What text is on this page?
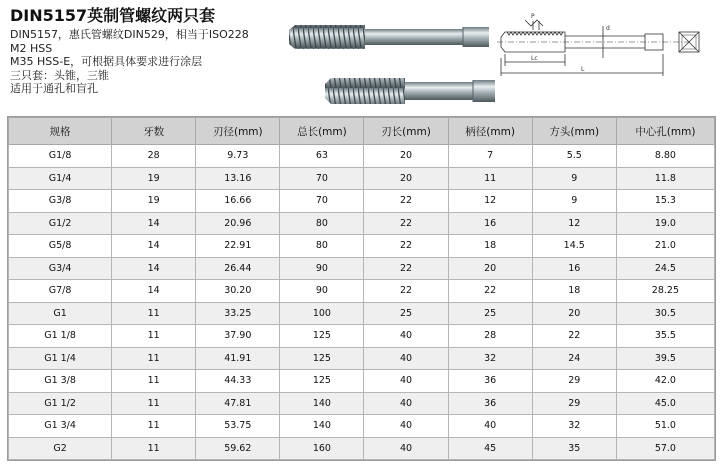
DIN5157英制管螺纹两只套
DIN5157，惠氏管螺纹DIN529，相当于ISO228
M2 HSS
M35 HSS-E，可根据具体要求进行涂层
三只套：头锥，三锥
适用于通孔和盲孔
P
d
Lc
L
规格	牙数	刃径(mm)	总长(mm)	刃长(mm)	柄径(mm)	方头(mm)	中心孔(mm)
G1/8	28	9.73	63	20	7	5.5	8.80
G1/4	19	13.16	70	20	11	9	11.8
G3/8	19	16.66	70	22	12	9	15.3
G1/2	14	20.96	80	22	16	12	19.0
G5/8	14	22.91	80	22	18	14.5	21.0
G3/4	14	26.44	90	22	20	16	24.5
G7/8	14	30.20	90	22	22	18	28.25
G1	11	33.25	100	25	25	20	30.5
G1 1/8	11	37.90	125	40	28	22	35.5
G1 1/4	11	41.91	125	40	32	24	39.5
G1 3/8	11	44.33	125	40	36	29	42.0
G1 1/2	11	47.81	140	40	36	29	45.0
G1 3/4	11	53.75	140	40	40	32	51.0
G2	11	59.62	160	40	45	35	57.0
